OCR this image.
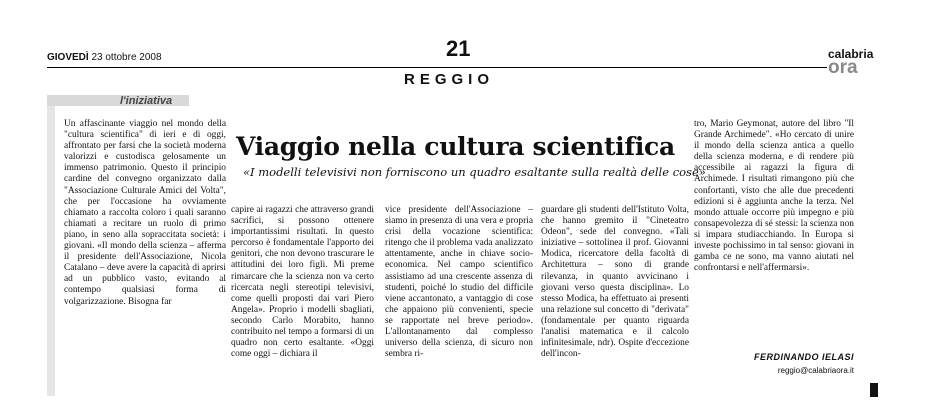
GIOVEDÌ 23 ottobre 2008	21
REGGIO
calabria
ora
l'iniziativa
Viaggio nella cultura scientifica
«I modelli televisivi non forniscono un quadro esaltante sulla realtà delle cose»
Un affascinante viaggio nel mondo della "cultura scientifica" di ieri e di oggi, affrontato per farsi che la società moderna valorizzi e custodisca gelosamente un immenso patrimonio. Questo il principio cardine del convegno organizzato dalla "Associazione Culturale Amici del Volta", che per l'occasione ha ovviamente chiamato a raccolta coloro i quali saranno chiamati a recitare un ruolo di primo piano, in seno alla sopraccitata società: i giovani. «Il mondo della scienza – afferma il presidente dell'Associazione, Nicola Catalano – deve avere la capacità di aprirsi ad un pubblico vasto, evitando al contempo qualsiasi forma di volgarizzazione. Bisogna far
capire ai ragazzi che attraverso grandi sacrifici, si possono ottenere importantissimi risultati. In questo percorso è fondamentale l'apporto dei genitori, che non devono trascurare le attitudini dei loro figli. Mi preme rimarcare che la scienza non va certo ricercata negli stereotipi televisivi, come quelli proposti dai vari Piero Angela». Proprio i modelli sbagliati, secondo Carlo Morabito, hanno contribuito nel tempo a formarsi di un quadro non certo esaltante. «Oggi come oggi – dichiara il
vice presidente dell'Associazione – siamo in presenza di una vera e propria crisi della vocazione scientifica: ritengo che il problema vada analizzato attentamente, anche in chiave socio-economica. Nel campo scientifico assistiamo ad una crescente assenza di studenti, poiché lo studio del difficile viene accantonato, a vantaggio di cose che appaiono più convenienti, specie se rapportate nel breve periodo». L'allontanamento dal complesso universo della scienza, di sicuro non sembra ri-
guardare gli studenti dell'Istituto Volta, che hanno gremito il "Cineteatro Odeon", sede del convegno. «Tali iniziative – sottolinea il prof. Giovanni Modica, ricercatore della facoltà di Architettura – sono di grande rilevanza, in quanto avvicinano i giovani verso questa disciplina». Lo stesso Modica, ha effettuato ai presenti una relazione sul concetto di "derivata" (fondamentale per quanto riguarda l'analisi matematica e il calcolo infinitesimale, ndr). Ospite d'eccezione dell'incon-
tro, Mario Geymonat, autore del libro "Il Grande Archimede". «Ho cercato di unire il mondo della scienza antica a quello della scienza moderna, e di rendere più accessibile ai ragazzi la figura di Archimede. I risultati rimangono più che confortanti, visto che alle due precedenti edizioni si è aggiunta anche la terza. Nel mondo attuale occorre più impegno e più consapevolezza di sé stessi: la scienza non si impara studiacchiando. In Europa si investe pochissimo in tal senso: giovani in gamba ce ne sono, ma vanno aiutati nel confrontarsi e nell'affermarsi».
FERDINANDO IELASI
reggio@calabriaora.it
